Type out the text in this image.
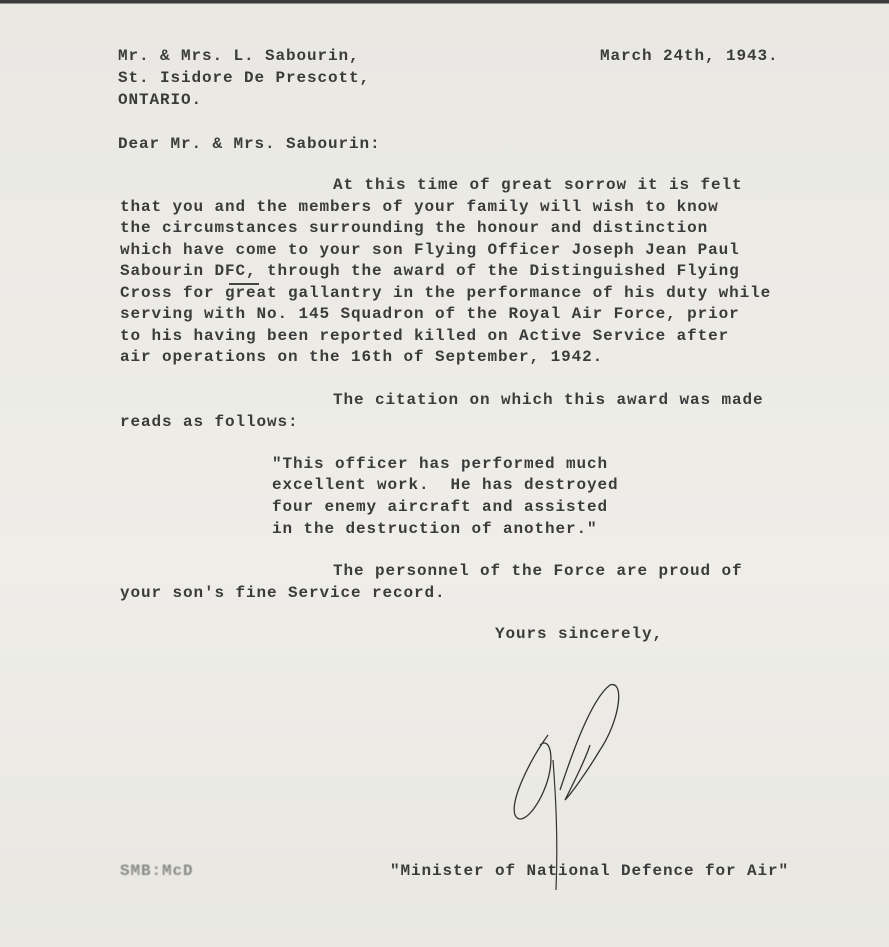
Mr. & Mrs. L. Sabourin,
St. Isidore De Prescott,
ONTARIO.
March 24th, 1943.
Dear Mr. & Mrs. Sabourin:
At this time of great sorrow it is felt
that you and the members of your family will wish to know
the circumstances surrounding the honour and distinction
which have come to your son Flying Officer Joseph Jean Paul
Sabourin DFC, through the award of the Distinguished Flying
Cross for great gallantry in the performance of his duty while
serving with No. 145 Squadron of the Royal Air Force, prior
to his having been reported killed on Active Service after
air operations on the 16th of September, 1942.
The citation on which this award was made
reads as follows:
"This officer has performed much
excellent work.  He has destroyed
four enemy aircraft and assisted
in the destruction of another."
The personnel of the Force are proud of
your son's fine Service record.
Yours sincerely,
SMB:McD	"Minister of National Defence for Air"
